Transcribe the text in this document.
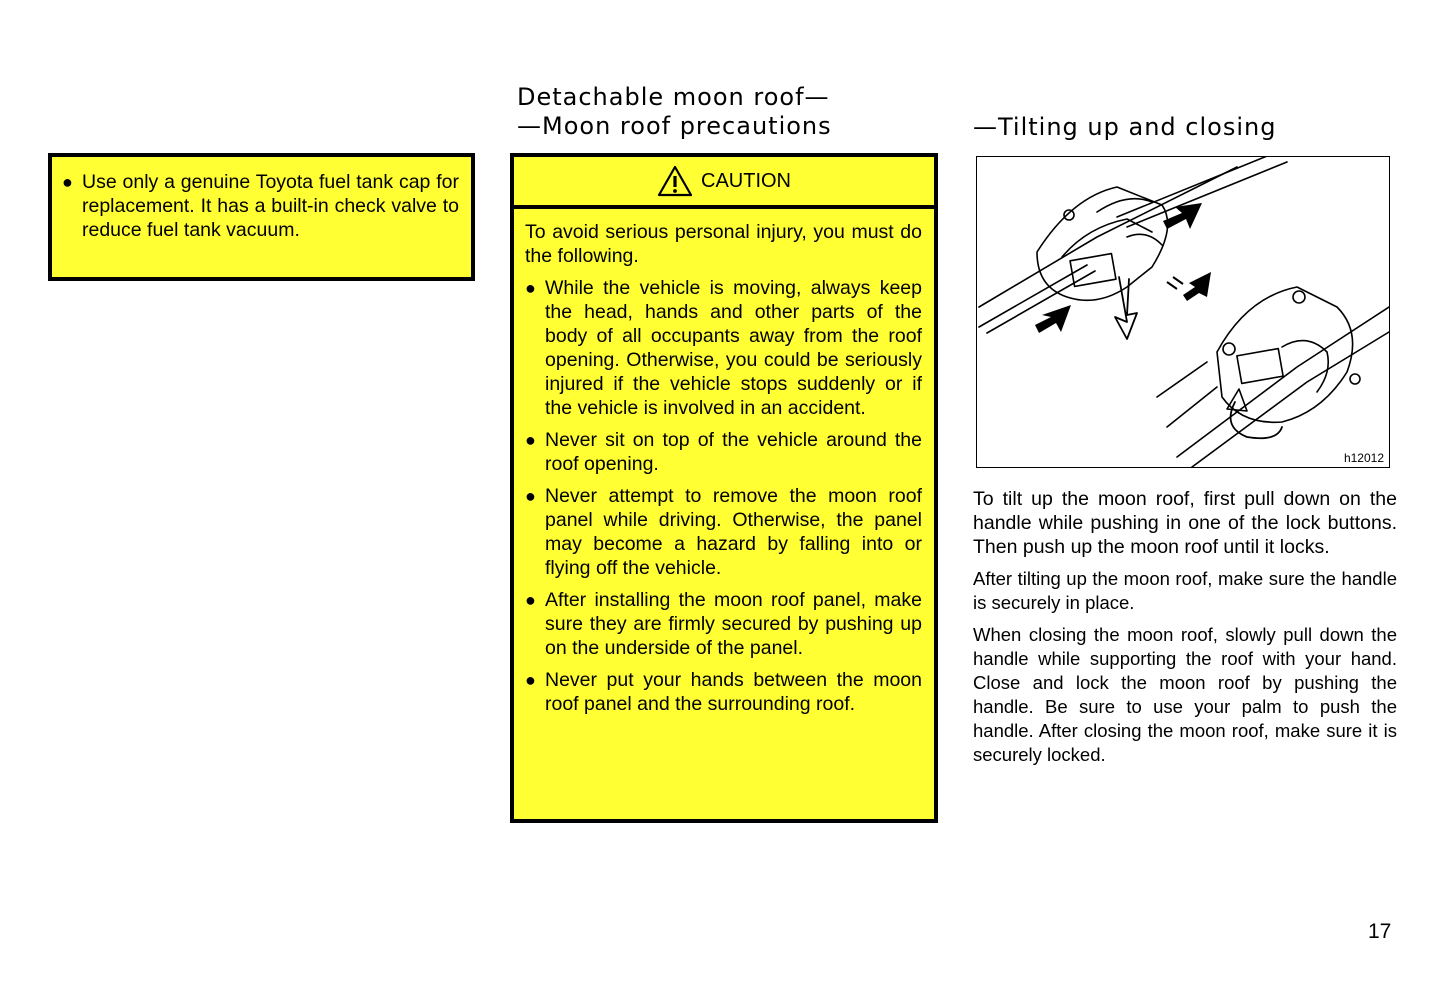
Detachable moon roof—
—Moon roof precautions	—Tilting up and closing
● Use only a genuine Toyota fuel tank cap for replacement. It has a built-in check valve to reduce fuel tank vacuum.
CAUTION
To avoid serious personal injury, you must do the following.
● While the vehicle is moving, always keep the head, hands and other parts of the body of all occupants away from the roof opening. Otherwise, you could be seriously injured if the vehicle stops suddenly or if the vehicle is involved in an accident.
● Never sit on top of the vehicle around the roof opening.
● Never attempt to remove the moon roof panel while driving. Otherwise, the panel may become a hazard by falling into or flying off the vehicle.
● After installing the moon roof panel, make sure they are firmly secured by pushing up on the underside of the panel.
● Never put your hands between the moon roof panel and the surrounding roof.
h12012

To tilt up the moon roof, first pull down on the handle while pushing in one of the lock buttons. Then push up the moon roof until it locks.

After tilting up the moon roof, make sure the handle is securely in place.

When closing the moon roof, slowly pull down the handle while supporting the roof with your hand. Close and lock the moon roof by pushing the handle. Be sure to use your palm to push the handle. After closing the moon roof, make sure it is securely locked.

17
